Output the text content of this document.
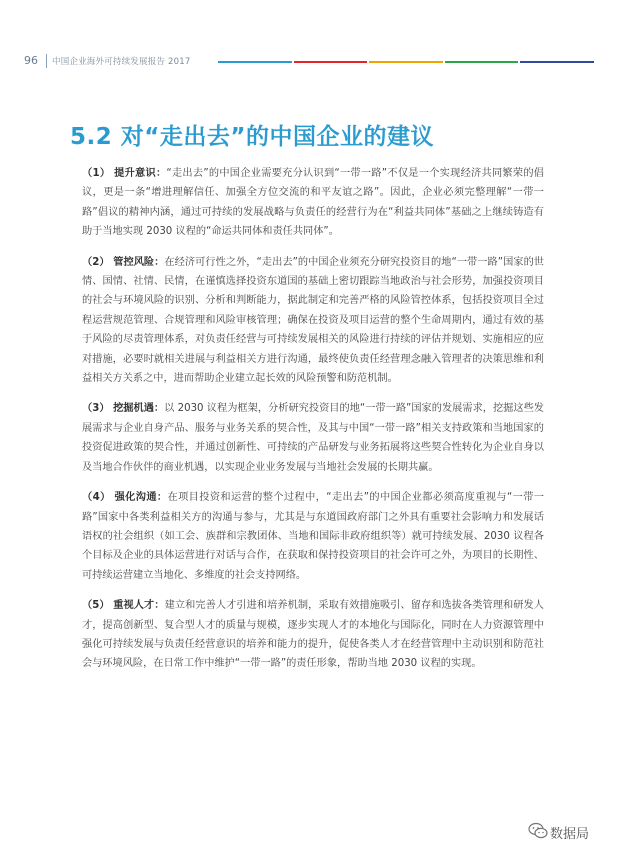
96 中国企业海外可持续发展报告 2017
5.2 对“走出去”的中国企业的建议

（1） 提升意识：“走出去”的中国企业需要充分认识到“一带一路”不仅是一个实现经济共同繁荣的倡议，更是一条“增进理解信任、加强全方位交流的和平友谊之路”。因此，企业必须完整理解“一带一路”倡议的精神内涵，通过可持续的发展战略与负责任的经营行为在“利益共同体”基础之上继续铸造有助于当地实现 2030 议程的“命运共同体和责任共同体”。

（2） 管控风险：在经济可行性之外，“走出去”的中国企业须充分研究投资目的地“一带一路”国家的世情、国情、社情、民情，在谨慎选择投资东道国的基础上密切跟踪当地政治与社会形势，加强投资项目的社会与环境风险的识别、分析和判断能力，据此制定和完善严格的风险管控体系，包括投资项目全过程运营规范管理、合规管理和风险审核管理；确保在投资及项目运营的整个生命周期内，通过有效的基于风险的尽责管理体系，对负责任经营与可持续发展相关的风险进行持续的评估并规划、实施相应的应对措施，必要时就相关进展与利益相关方进行沟通，最终使负责任经营理念融入管理者的决策思维和利益相关方关系之中，进而帮助企业建立起长效的风险预警和防范机制。

（3） 挖掘机遇：以 2030 议程为框架，分析研究投资目的地“一带一路”国家的发展需求，挖掘这些发展需求与企业自身产品、服务与业务关系的契合性，及其与中国“一带一路”相关支持政策和当地国家的投资促进政策的契合性，并通过创新性、可持续的产品研发与业务拓展将这些契合性转化为企业自身以及当地合作伙伴的商业机遇，以实现企业业务发展与当地社会发展的长期共赢。

（4） 强化沟通：在项目投资和运营的整个过程中，“走出去”的中国企业都必须高度重视与“一带一路”国家中各类利益相关方的沟通与参与，尤其是与东道国政府部门之外具有重要社会影响力和发展话语权的社会组织（如工会、族群和宗教团体、当地和国际非政府组织等）就可持续发展、2030 议程各个目标及企业的具体运营进行对话与合作，在获取和保持投资项目的社会许可之外，为项目的长期性、可持续运营建立当地化、多维度的社会支持网络。

（5） 重视人才：建立和完善人才引进和培养机制，采取有效措施吸引、留存和选拔各类管理和研发人才，提高创新型、复合型人才的质量与规模，逐步实现人才的本地化与国际化，同时在人力资源管理中强化可持续发展与负责任经营意识的培养和能力的提升，促使各类人才在经营管理中主动识别和防范社会与环境风险，在日常工作中维护“一带一路”的责任形象，帮助当地 2030 议程的实现。

数据局
